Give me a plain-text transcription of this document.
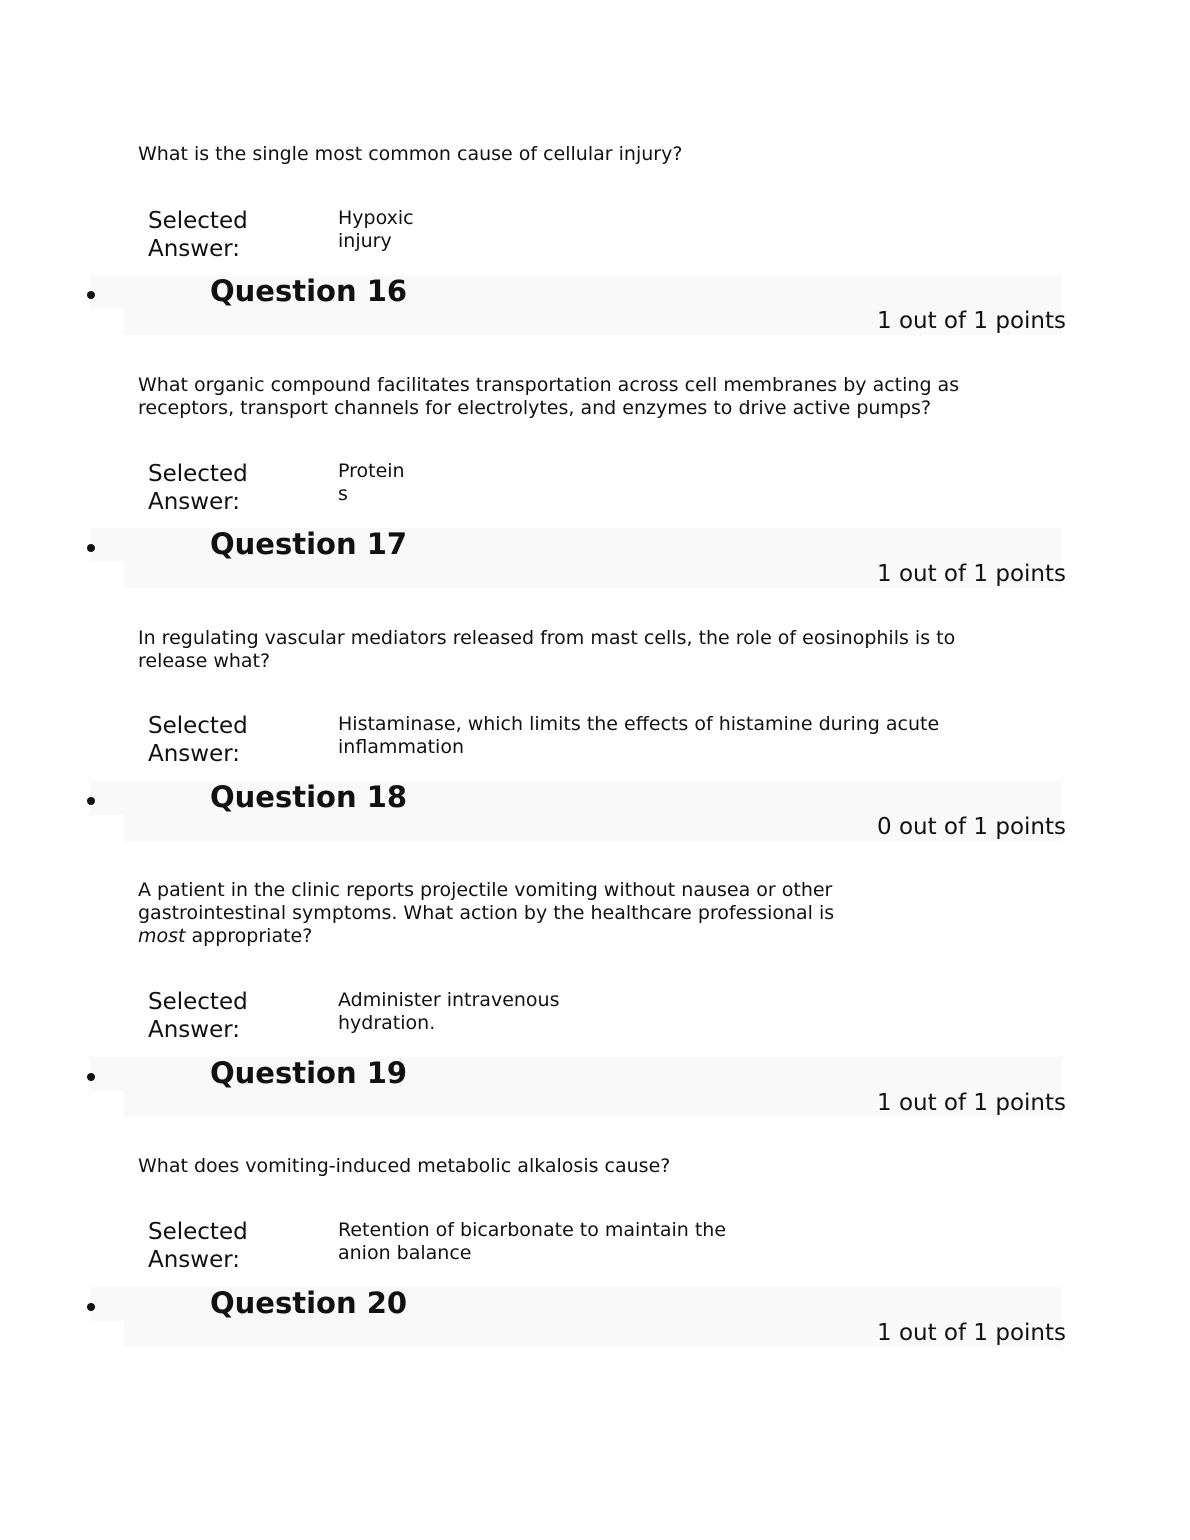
What is the single most common cause of cellular injury?

Selected Answer:
Hypoxic injury
Question 16
1 out of 1 points

What organic compound facilitates transportation across cell membranes by acting as receptors, transport channels for electrolytes, and enzymes to drive active pumps?

Selected Answer:
Proteins
Question 17
1 out of 1 points

In regulating vascular mediators released from mast cells, the role of eosinophils is to release what?

Selected Answer:
Histaminase, which limits the effects of histamine during acute inflammation
Question 18
0 out of 1 points

A patient in the clinic reports projectile vomiting without nausea or other gastrointestinal symptoms. What action by the healthcare professional is most appropriate?

Selected Answer:
Administer intravenous hydration.
Question 19
1 out of 1 points

What does vomiting-induced metabolic alkalosis cause?

Selected Answer:
Retention of bicarbonate to maintain the anion balance
Question 20
1 out of 1 points
